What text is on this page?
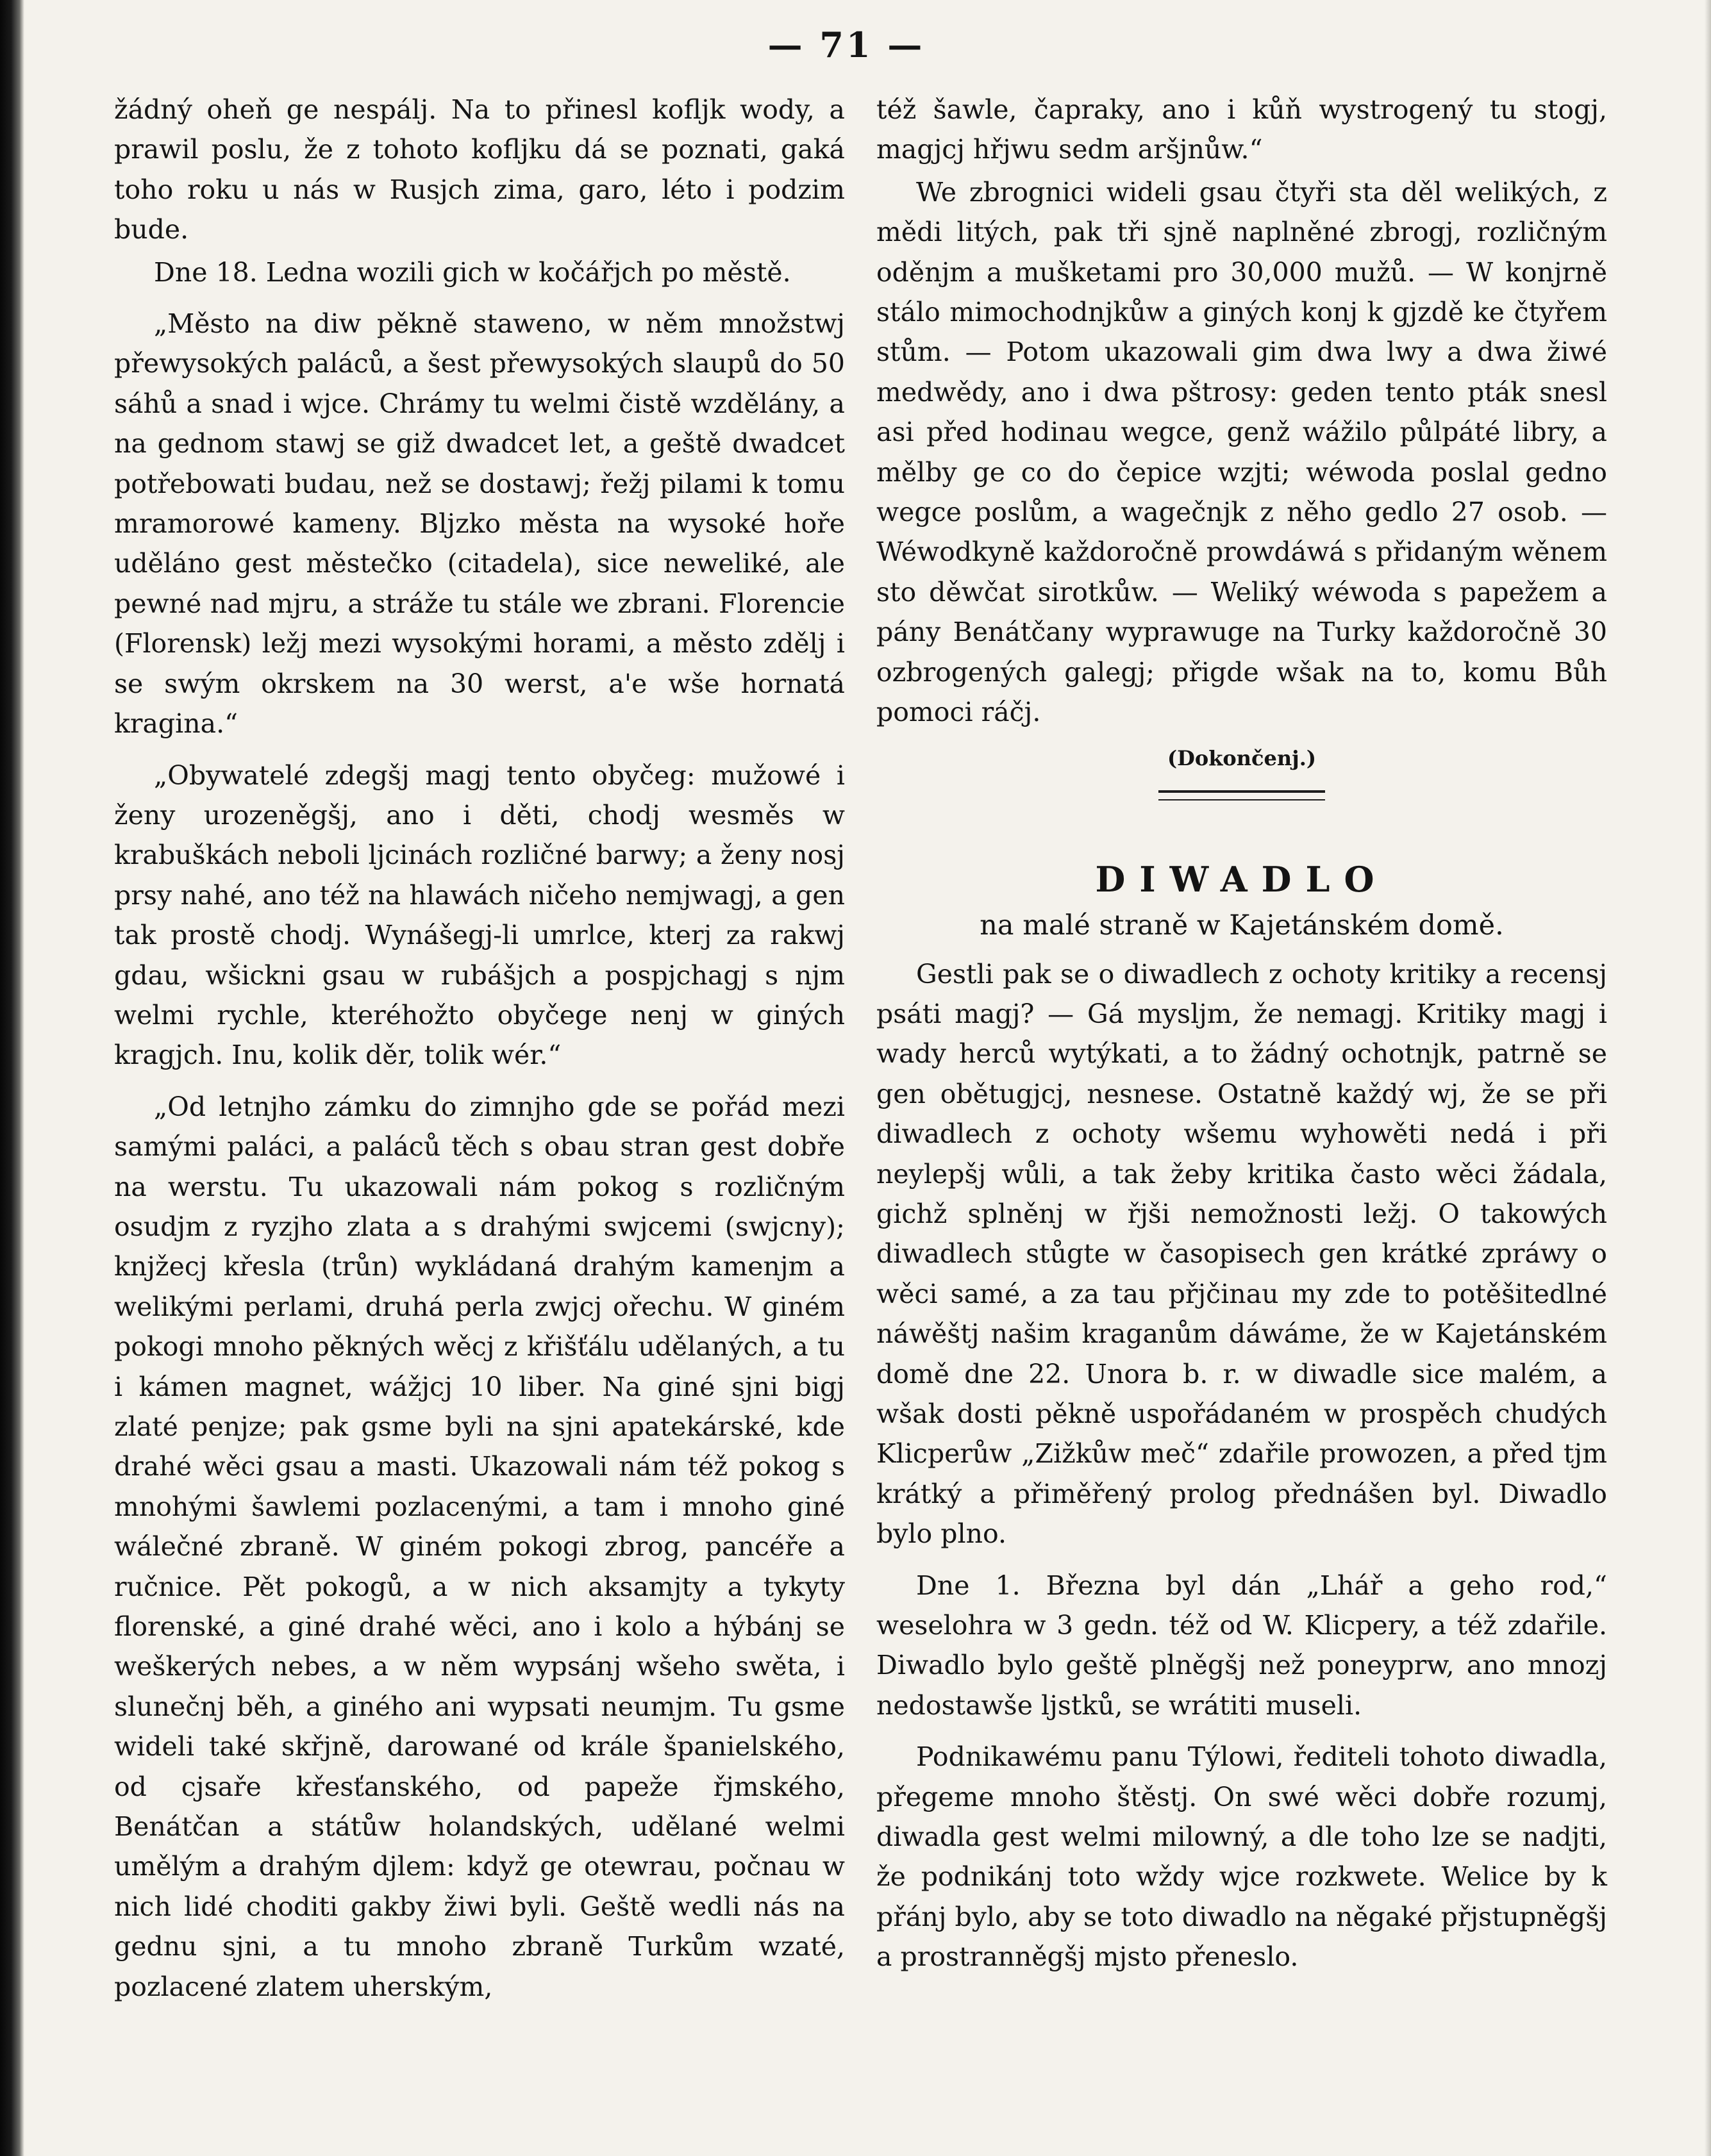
— 71 —

žádný oheň ge nespálj. Na to přinesl kofljk wody, a prawil poslu, že z tohoto kofljku dá se poznati, gaká toho roku u nás w Rusjch zima, garo, léto i podzim bude.

Dne 18. Ledna wozili gich w kočářjch po městě.

„Město na diw pěkně staweno, w něm množstwj přewysokých paláců, a šest přewysokých slaupů do 50 sáhů a snad i wjce. Chrámy tu welmi čistě wzdělány, a na gednom stawj se giž dwadcet let, a geště dwadcet potřebowati budau, než se dostawj; řežj pilami k tomu mramorowé kameny. Bljzko města na wysoké hoře uděláno gest městečko (citadela), sice neweliké, ale pewné nad mjru, a stráže tu stále we zbrani. Florencie (Florensk) ležj mezi wysokými horami, a město zdělj i se swým okrskem na 30 werst, a'e wše hornatá kragina.“

„Obywatelé zdegšj magj tento obyčeg: mužowé i ženy urozeněgšj, ano i děti, chodj wesměs w krabuškách neboli ljcinách rozličné barwy; a ženy nosj prsy nahé, ano též na hlawách ničeho nemjwagj, a gen tak prostě chodj. Wynášegj-li umrlce, kterj za rakwj gdau, wšickni gsau w rubášjch a pospjchagj s njm welmi rychle, kteréhožto obyčege nenj w giných kragjch. Inu, kolik děr, tolik wér.“

„Od letnjho zámku do zimnjho gde se pořád mezi samými paláci, a paláců těch s obau stran gest dobře na werstu. Tu ukazowali nám pokog s rozličným osudjm z ryzjho zlata a s drahými swjcemi (swjcny); knjžecj křesla (trůn) wykládaná drahým kamenjm a welikými perlami, druhá perla zwjcj ořechu. W giném pokogi mnoho pěkných wěcj z křišťálu udělaných, a tu i kámen magnet, wážjcj 10 liber. Na giné sjni bigj zlaté penjze; pak gsme byli na sjni apatekárské, kde drahé wěci gsau a masti. Ukazowali nám též pokog s mnohými šawlemi pozlacenými, a tam i mnoho giné wálečné zbraně. W giném pokogi zbrog, pancéře a ručnice. Pět pokogů, a w nich aksamjty a tykyty florenské, a giné drahé wěci, ano i kolo a hýbánj se weškerých nebes, a w něm wypsánj wšeho swěta, i slunečnj běh, a giného ani wypsati neumjm. Tu gsme wideli také skřjně, darowané od krále španielského, od cjsaře křesťanského, od papeže řjmského, Benátčan a státůw holandských, udělané welmi umělým a drahým djlem: když ge otewrau, počnau w nich lidé choditi gakby žiwi byli. Geště wedli nás na gednu sjni, a tu mnoho zbraně Turkům wzaté, pozlacené zlatem uherským,

též šawle, čapraky, ano i kůň wystrogený tu stogj, magjcj hřjwu sedm aršjnůw.“

We zbrognici wideli gsau čtyři sta děl welikých, z mědi litých, pak tři sjně naplněné zbrogj, rozličným oděnjm a mušketami pro 30,000 mužů. — W konjrně stálo mimochodnjkůw a giných konj k gjzdě ke čtyřem stům. — Potom ukazowali gim dwa lwy a dwa žiwé medwědy, ano i dwa pštrosy: geden tento pták snesl asi před hodinau wegce, genž wážilo půlpáté libry, a mělby ge co do čepice wzjti; wéwoda poslal gedno wegce poslům, a wagečnjk z něho gedlo 27 osob. — Wéwodkyně každoročně prowdáwá s přidaným wěnem sto děwčat sirotkůw. — Weliký wéwoda s papežem a pány Benátčany wyprawuge na Turky každoročně 30 ozbrogených galegj; přigde wšak na to, komu Bůh pomoci ráčj.

(Dokončenj.)
DIWADLO
na malé straně w Kajetánském domě.

Gestli pak se o diwadlech z ochoty kritiky a recensj psáti magj? — Gá myslјm, že nemagj. Kritiky magj i wady herců wytýkati, a to žádný ochotnjk, patrně se gen obětugjcj, nesnese. Ostatně každý wj, že se při diwadlech z ochoty wšemu wyhowěti nedá i při neylepšj wůli, a tak žeby kritika často wěci žádala, gichž splněnj w řjši nemožnosti ležj. O takowých diwadlech stůgte w časopisech gen krátké zpráwy o wěci samé, a za tau přjčinau my zde to potěšitedlné náwěštj našim kraganům dáwáme, že w Kajetánském domě dne 22. Unora b. r. w diwadle sice malém, a wšak dosti pěkně uspořádaném w prospěch chudých Klicperůw „Zižkůw meč“ zdařile prowozen, a před tjm krátký a přiměřený prolog přednášen byl. Diwadlo bylo plno.

Dne 1. Března byl dán „Lhář a geho rod,“ weselohra w 3 gedn. též od W. Klicpery, a též zdařile. Diwadlo bylo geště plněgšj než poneyprw, ano mnozj nedostawše ljstků, se wrátiti museli.

Podnikawému panu Týlowi, řediteli tohoto diwadla, přegeme mnoho štěstj. On swé wěci dobře rozumj, diwadla gest welmi milowný, a dle toho lze se nadjti, že podnikánj toto wždy wjce rozkwete. Welice by k přánj bylo, aby se toto diwadlo na něgaké přjstupněgšj a prostranněgšj mjsto přeneslo.
